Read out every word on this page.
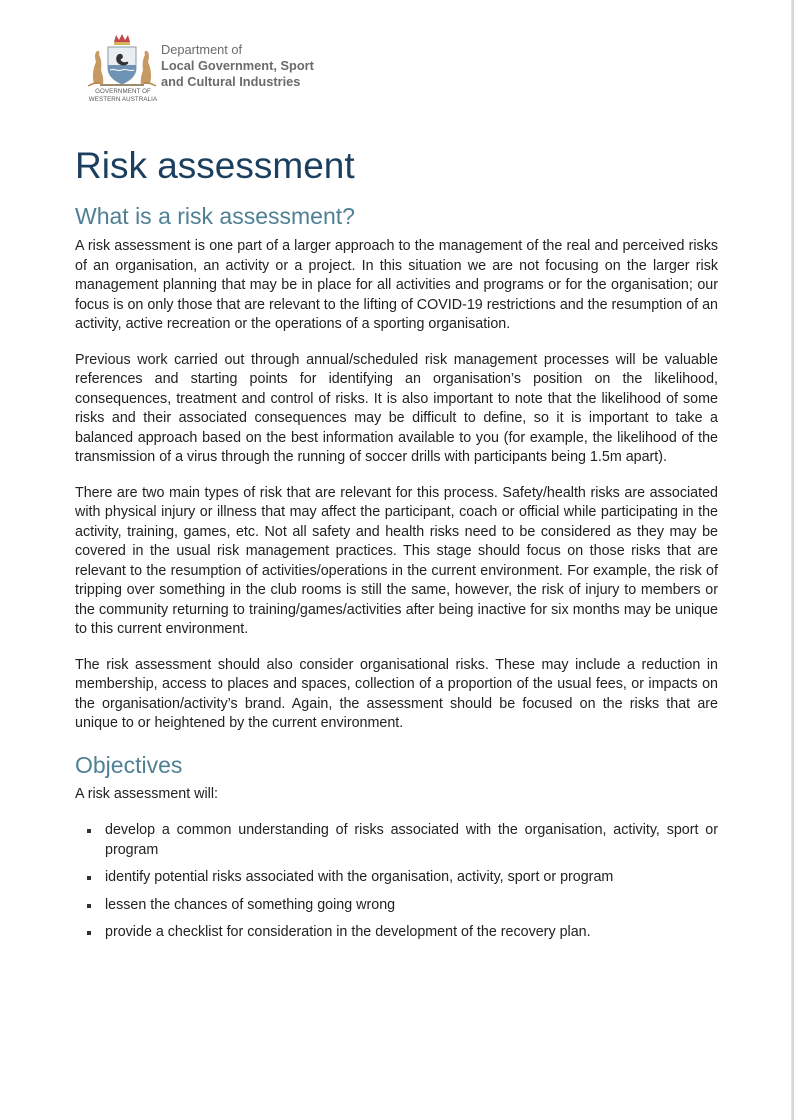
GOVERNMENT OF
WESTERN AUSTRALIA
Department of
Local Government, Sport
and Cultural Industries
Risk assessment
What is a risk assessment?

A risk assessment is one part of a larger approach to the management of the real and perceived risks of an organisation, an activity or a project. In this situation we are not focusing on the larger risk management planning that may be in place for all activities and programs or for the organisation; our focus is on only those that are relevant to the lifting of COVID-19 restrictions and the resumption of an activity, active recreation or the operations of a sporting organisation.

Previous work carried out through annual/scheduled risk management processes will be valuable references and starting points for identifying an organisation’s position on the likelihood, consequences, treatment and control of risks. It is also important to note that the likelihood of some risks and their associated consequences may be difficult to define, so it is important to take a balanced approach based on the best information available to you (for example, the likelihood of the transmission of a virus through the running of soccer drills with participants being 1.5m apart).

There are two main types of risk that are relevant for this process. Safety/health risks are associated with physical injury or illness that may affect the participant, coach or official while participating in the activity, training, games, etc. Not all safety and health risks need to be considered as they may be covered in the usual risk management practices. This stage should focus on those risks that are relevant to the resumption of activities/operations in the current environment. For example, the risk of tripping over something in the club rooms is still the same, however, the risk of injury to members or the community returning to training/games/activities after being inactive for six months may be unique to this current environment.

The risk assessment should also consider organisational risks. These may include a reduction in membership, access to places and spaces, collection of a proportion of the usual fees, or impacts on the organisation/activity’s brand. Again, the assessment should be focused on the risks that are unique to or heightened by the current environment.

Objectives

A risk assessment will:

develop a common understanding of risks associated with the organisation, activity, sport or program
identify potential risks associated with the organisation, activity, sport or program
lessen the chances of something going wrong
provide a checklist for consideration in the development of the recovery plan.
